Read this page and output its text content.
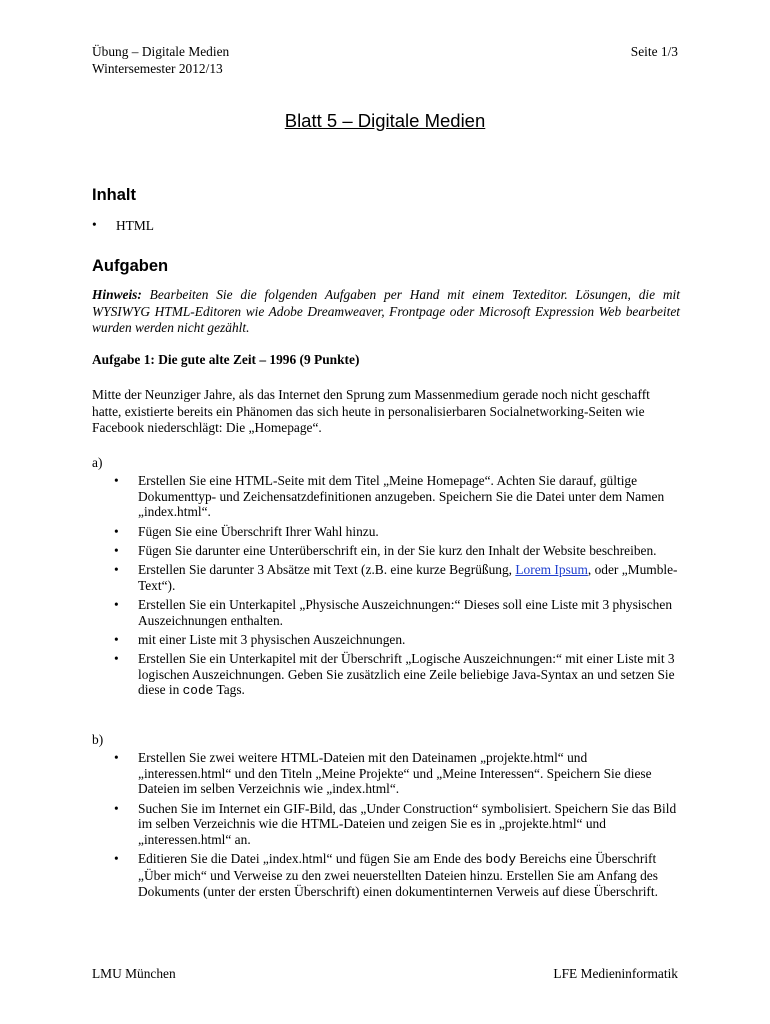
Übung – Digitale Medien
Wintersemester 2012/13
Seite 1/3
Blatt 5 – Digitale Medien
Inhalt
• HTML
Aufgaben
Hinweis: Bearbeiten Sie die folgenden Aufgaben per Hand mit einem Texteditor. Lösungen, die mit WYSIWYG HTML-Editoren wie Adobe Dreamweaver, Frontpage oder Microsoft Expression Web bearbeitet wurden werden nicht gezählt.
Aufgabe 1: Die gute alte Zeit – 1996 (9 Punkte)
Mitte der Neunziger Jahre, als das Internet den Sprung zum Massenmedium gerade noch nicht geschafft hatte, existierte bereits ein Phänomen das sich heute in personalisierbaren Socialnetworking-Seiten wie Facebook niederschlägt: Die „Homepage“.
a)
• Erstellen Sie eine HTML-Seite mit dem Titel „Meine Homepage“. Achten Sie darauf, gültige Dokumenttyp- und Zeichensatzdefinitionen anzugeben. Speichern Sie die Datei unter dem Namen „index.html“.
• Fügen Sie eine Überschrift Ihrer Wahl hinzu.
• Fügen Sie darunter eine Unterüberschrift ein, in der Sie kurz den Inhalt der Website beschreiben.
• Erstellen Sie darunter 3 Absätze mit Text (z.B. eine kurze Begrüßung, Lorem Ipsum, oder „Mumble-Text“).
• Erstellen Sie ein Unterkapitel „Physische Auszeichnungen:“ Dieses soll eine Liste mit 3 physischen Auszeichnungen enthalten.
• mit einer Liste mit 3 physischen Auszeichnungen.
• Erstellen Sie ein Unterkapitel mit der Überschrift „Logische Auszeichnungen:“ mit einer Liste mit 3 logischen Auszeichnungen. Geben Sie zusätzlich eine Zeile beliebige Java-Syntax an und setzen Sie diese in code Tags.
b)
• Erstellen Sie zwei weitere HTML-Dateien mit den Dateinamen „projekte.html“ und „interessen.html“ und den Titeln „Meine Projekte“ und „Meine Interessen“. Speichern Sie diese Dateien im selben Verzeichnis wie „index.html“.
• Suchen Sie im Internet ein GIF-Bild, das „Under Construction“ symbolisiert. Speichern Sie das Bild im selben Verzeichnis wie die HTML-Dateien und zeigen Sie es in „projekte.html“ und „interessen.html“ an.
• Editieren Sie die Datei „index.html“ und fügen Sie am Ende des body Bereichs eine Überschrift „Über mich“ und Verweise zu den zwei neuerstellten Dateien hinzu. Erstellen Sie am Anfang des Dokuments (unter der ersten Überschrift) einen dokumentinternen Verweis auf diese Überschrift.
LMU München	LFE Medieninformatik
